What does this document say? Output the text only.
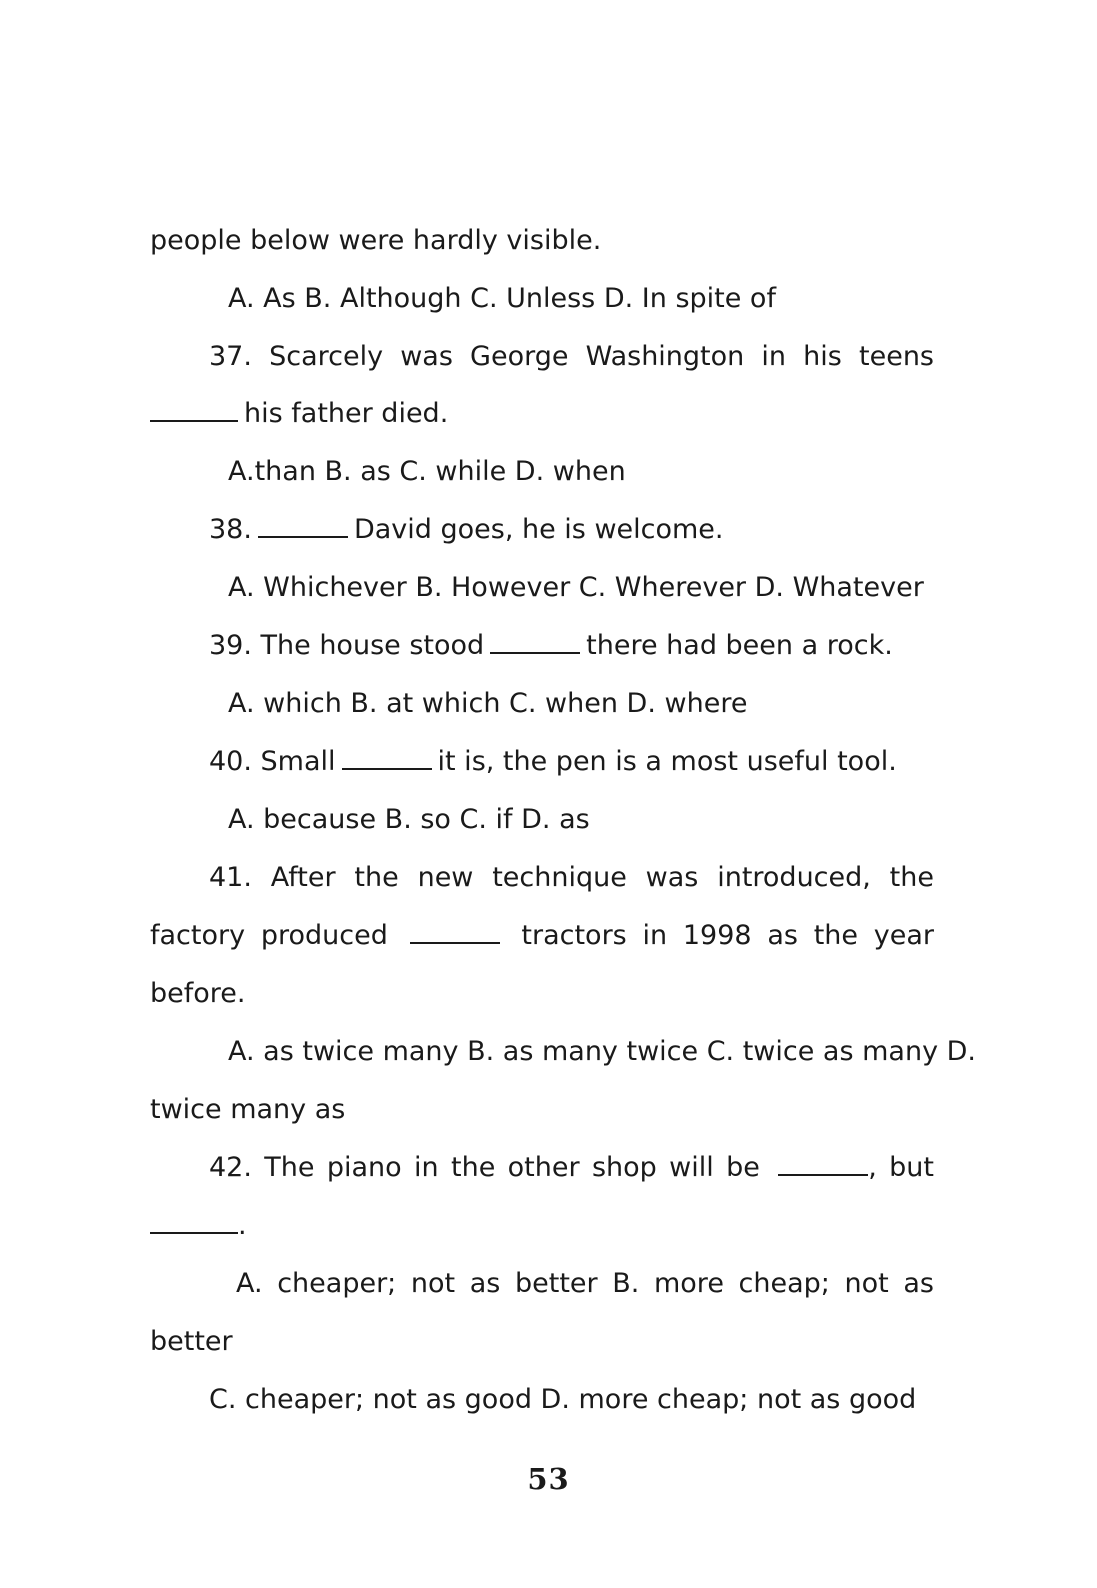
people below were hardly visible.
A. As B. Although C. Unless D. In spite of
37. Scarcely was George Washington in his teens
his father died.
A.than B. as C. while D. when
38.	David goes, he is welcome.
A. Whichever B. However C. Wherever D. Whatever
39. The house stood	there had been a rock.
A. which B. at which C. when D. where
40. Small	it is, the pen is a most useful tool.
A. because B. so C. if D. as
41. After the new technique was introduced, the
factory produced	tractors in 1998 as the year
before.
A. as twice many B. as many twice C. twice as many D.
twice many as
42. The piano in the other shop will be	, but
.
A. cheaper; not as better B. more cheap; not as
better
C. cheaper; not as good D. more cheap; not as good
53
